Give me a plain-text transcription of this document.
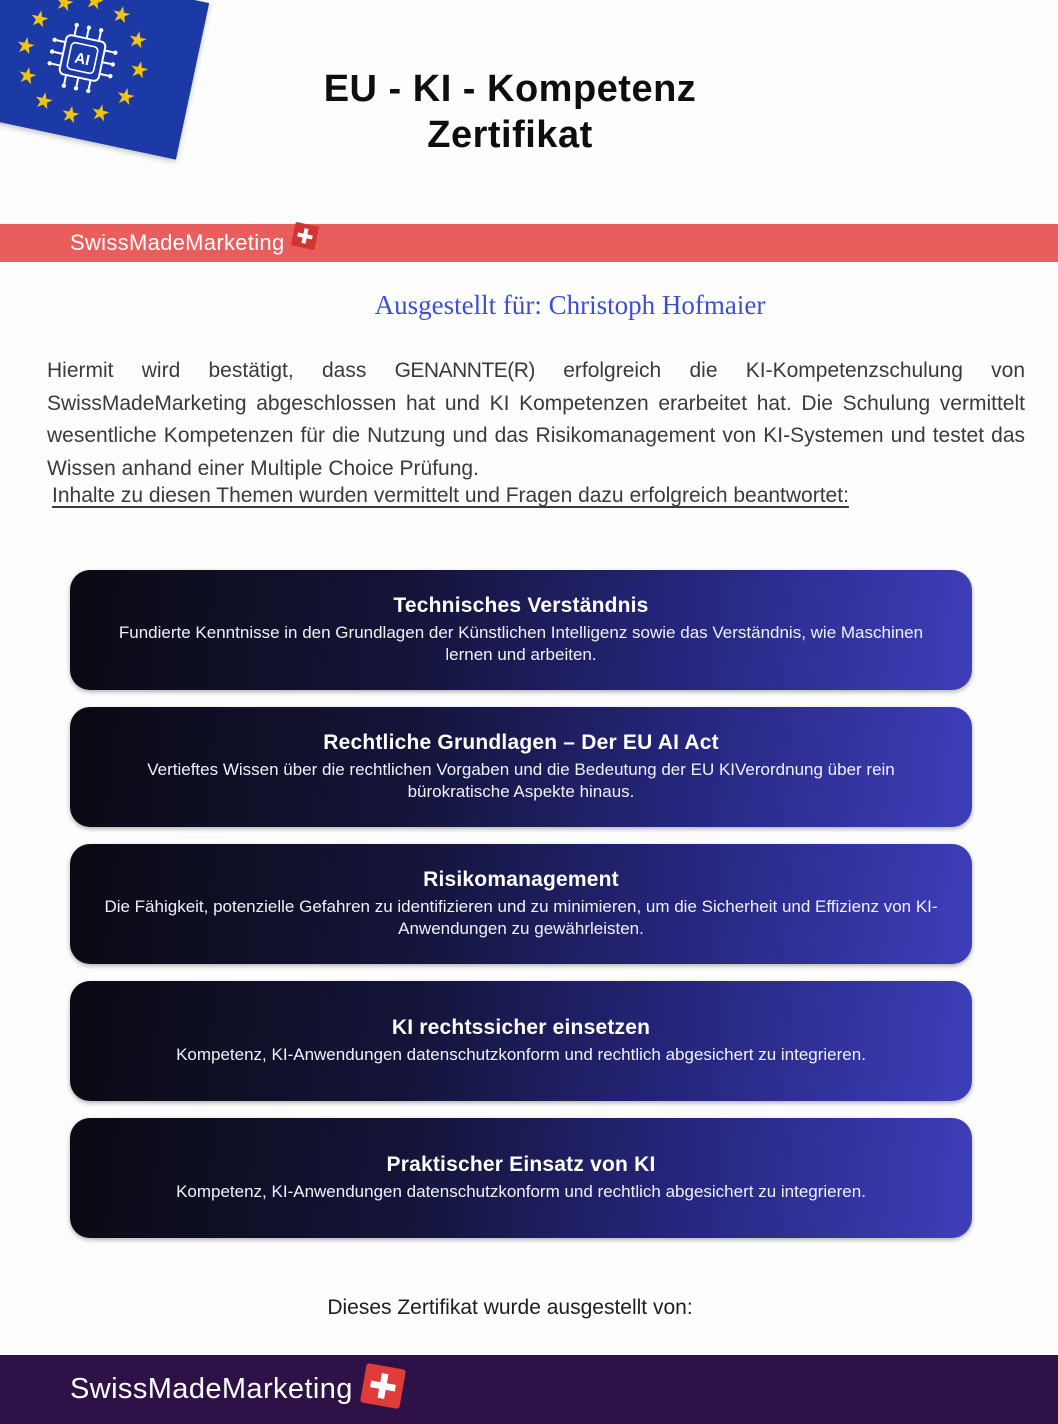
AI
EU - KI - Kompetenz
Zertifikat
SwissMadeMarketing
Ausgestellt für: Christoph Hofmaier

Hiermit wird bestätigt, dass GENANNTE(R) erfolgreich die KI-Kompetenzschulung von SwissMadeMarketing abgeschlossen hat und KI Kompetenzen erarbeitet hat. Die Schulung vermittelt wesentliche Kompetenzen für die Nutzung und das Risikomanagement von KI-Systemen und testet das Wissen anhand einer Multiple Choice Prüfung.

Inhalte zu diesen Themen wurden vermittelt und Fragen dazu erfolgreich beantwortet:
Technisches Verständnis
Fundierte Kenntnisse in den Grundlagen der Künstlichen Intelligenz sowie das Verständnis, wie Maschinen lernen und arbeiten.
Rechtliche Grundlagen – Der EU AI Act
Vertieftes Wissen über die rechtlichen Vorgaben und die Bedeutung der EU KIVerordnung über rein bürokratische Aspekte hinaus.
Risikomanagement
Die Fähigkeit, potenzielle Gefahren zu identifizieren und zu minimieren, um die Sicherheit und Effizienz von KI-Anwendungen zu gewährleisten.
KI rechtssicher einsetzen
Kompetenz, KI-Anwendungen datenschutzkonform und rechtlich abgesichert zu integrieren.
Praktischer Einsatz von KI
Kompetenz, KI-Anwendungen datenschutzkonform und rechtlich abgesichert zu integrieren.
Dieses Zertifikat wurde ausgestellt von:
SwissMadeMarketing
